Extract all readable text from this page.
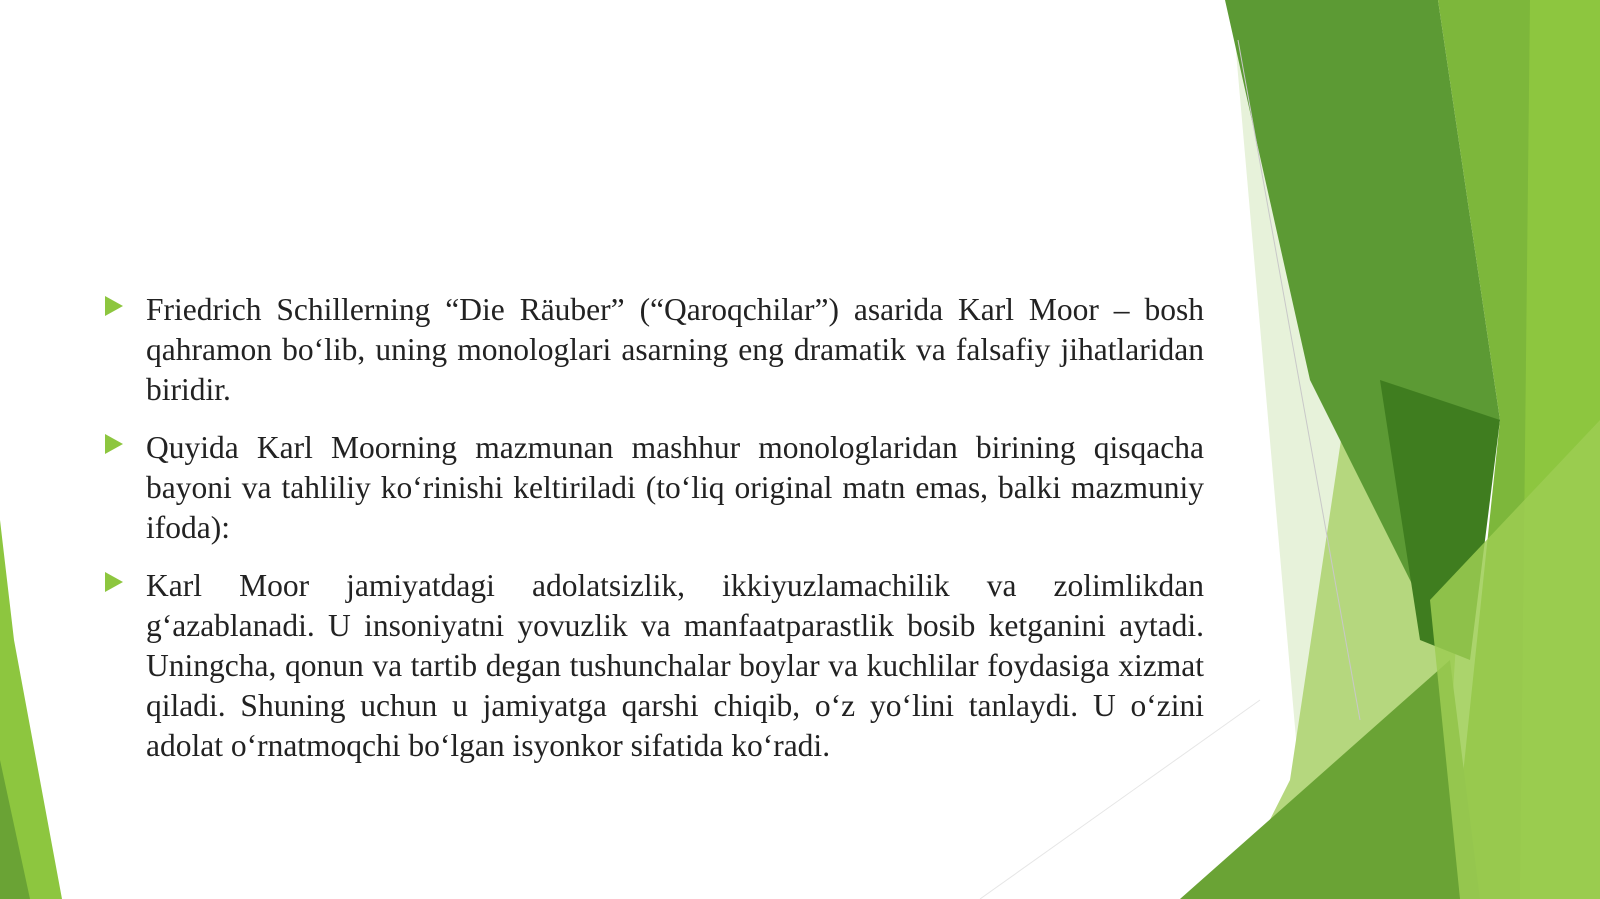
Friedrich Schillerning “Die Räuber” (“Qaroqchilar”) asarida Karl Moor – bosh qahramon bo‘lib, uning monologlari asarning eng dramatik va falsafiy jihatlaridan biridir.
Quyida Karl Moorning mazmunan mashhur monologlaridan birining qisqacha bayoni va tahliliy ko‘rinishi keltiriladi (to‘liq original matn emas, balki mazmuniy ifoda):
Karl Moor jamiyatdagi adolatsizlik, ikkiyuzlamachilik va zolimlikdan g‘azablanadi. U insoniyatni yovuzlik va manfaatparastlik bosib ketganini aytadi. Uningcha, qonun va tartib degan tushunchalar boylar va kuchlilar foydasiga xizmat qiladi. Shuning uchun u jamiyatga qarshi chiqib, o‘z yo‘lini tanlaydi. U o‘zini adolat o‘rnatmoqchi bo‘lgan isyonkor sifatida ko‘radi.
